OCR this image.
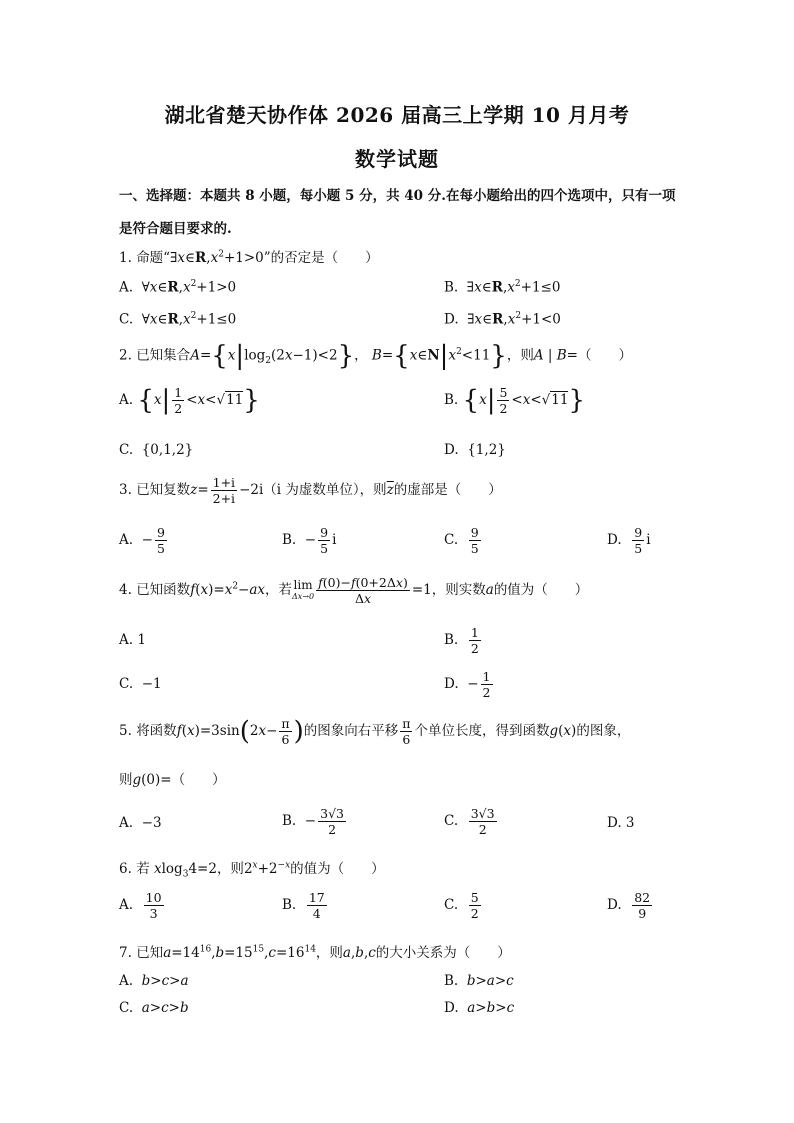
湖北省楚天协作体 2026 届高三上学期 10 月月考
数学试题
一、选择题：本题共 8 小题，每小题 5 分，共 40 分.在每小题给出的四个选项中，只有一项
是符合题目要求的.
1. 命题“$\exists x\in R,x^2+1>0$”的否定是（　　）
A.  $\forall x\in R,x^2+1>0$	B.  $\exists x\in R,x^2+1\le 0$
C.  $\forall x\in R,x^2+1\le 0$	D.  $\exists x\in R,x^2+1<0$
2. 已知集合$A=\{x|\log_2(2x-1)<2\}$， $B=\{x\in N|x^2<11\}$，则A | B=（　　）
A. $\{x| \frac{1}{2} <x<√11\}$	B. $\{x| \frac{5}{2} <x<√11\}$
C.  {0,1,2}	D.  {1,2}
3. 已知复数$z= \frac{1+i}{2+i} -2i(i$ 为虚数单位），则$\overline{z}$的虚部是（　　）
A.  − $\frac{9}{5}$	B.  − $\frac{9}{5}$ i	C. $\frac{9}{5}$	D. $\frac{9}{5}$ i
4. 已知函数$f(x)=x^2-ax$，若 lim
$\Delta x\to 0 \frac{f(0)-f(0+2\Delta x)}{\Delta x} =1$，则实数a的值为（　　）
A. 1	B. $\frac{1}{2}$
C.  −1	D.  − $\frac{1}{2}$
5. 将函数$f(x)=3\sin(2x- \frac{\pi}{6}$ )的图象向右平移 $\frac{\pi}{6}$ 个单位长度，得到函数g(x)的图象，
则g(0)=（　　）
A.  −3	B.  − $\frac{3√3}{2}$	C. $\frac{3√3}{2}$	D. 3
6. 若 xlog$_3$4=2，则$2^x+2^{-x}$的值为（　　）
A. $\frac{10}{3}$	B. $\frac{17}{4}$	C. $\frac{5}{2}$	D. $\frac{82}{9}$
7. 已知$a=14^{16},b=15^{15},c=16^{14}$，则a,b,c的大小关系为（　　）
A. b>c>a	B. b>a>c
C. a>c>b	D. a>b>c
